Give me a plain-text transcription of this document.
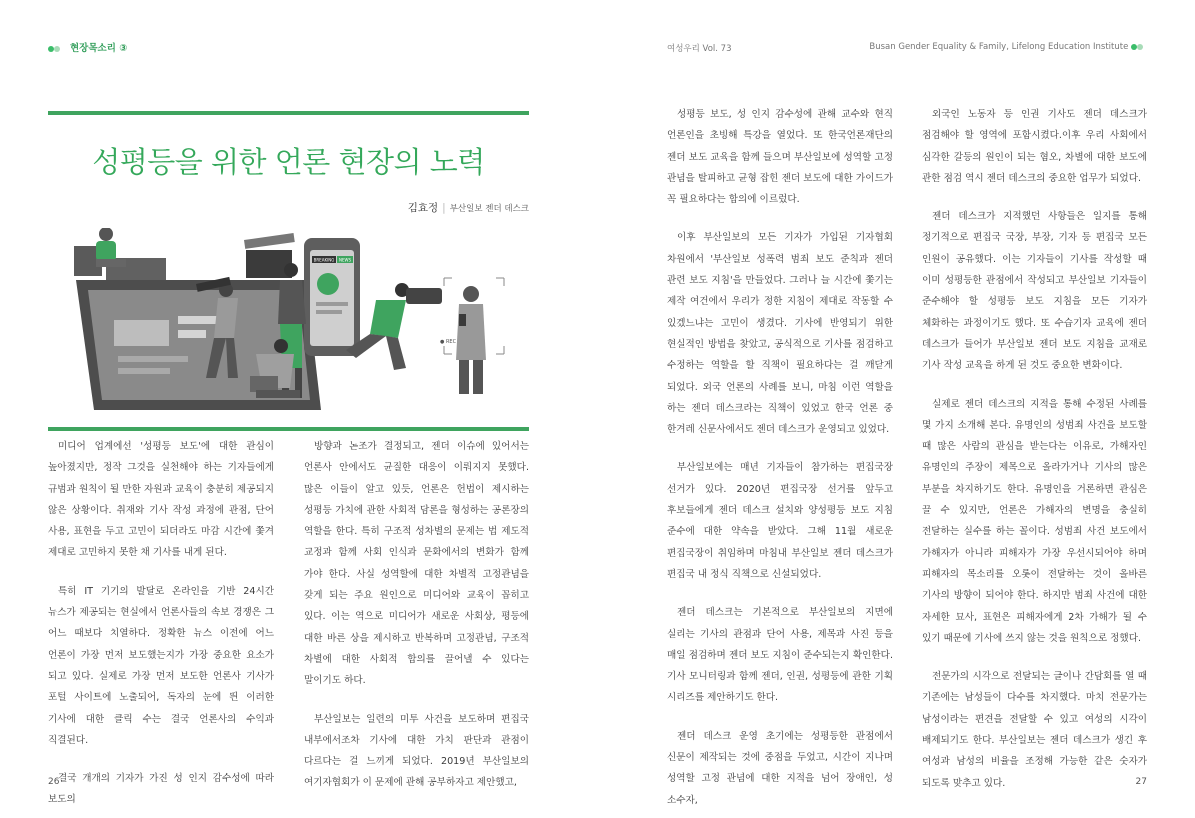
현장목소리 ③
성평등을 위한 언론 현장의 노력
김효정 | 부산일보 젠더 데스크
BREAKING NEWS
● REC

미디어 업계에선 '성평등 보도'에 대한 관심이 높아졌지만, 정작 그것을 실천해야 하는 기자들에게 규범과 원칙이 될 만한 자원과 교육이 충분히 제공되지 않은 상황이다. 취재와 기사 작성 과정에 관점, 단어 사용, 표현을 두고 고민이 되더라도 마감 시간에 쫓겨 제대로 고민하지 못한 채 기사를 내게 된다.

특히 IT 기기의 발달로 온라인을 기반 24시간 뉴스가 제공되는 현실에서 언론사들의 속보 경쟁은 그 어느 때보다 치열하다. 정확한 뉴스 이전에 어느 언론이 가장 먼저 보도했는지가 가장 중요한 요소가 되고 있다. 실제로 가장 먼저 보도한 언론사 기사가 포털 사이트에 노출되어, 독자의 눈에 띈 이러한 기사에 대한 클릭 수는 결국 언론사의 수익과 직결된다.

결국 개개의 기자가 가진 성 인지 감수성에 따라 보도의

방향과 논조가 결정되고, 젠더 이슈에 있어서는 언론사 안에서도 균질한 대응이 이뤄지지 못했다. 많은 이들이 알고 있듯, 언론은 헌법이 제시하는 성평등 가치에 관한 사회적 담론을 형성하는 공론장의 역할을 한다. 특히 구조적 성차별의 문제는 법 제도적 교정과 함께 사회 인식과 문화에서의 변화가 함께 가야 한다. 사실 성역할에 대한 차별적 고정관념을 갖게 되는 주요 원인으로 미디어와 교육이 꼽히고 있다. 이는 역으로 미디어가 새로운 사회상, 평등에 대한 바른 상을 제시하고 반복하며 고정관념, 구조적 차별에 대한 사회적 합의를 끌어낼 수 있다는 말이기도 하다.

부산일보는 일련의 미투 사건을 보도하며 편집국 내부에서조차 기사에 대한 가치 판단과 관점이 다르다는 걸 느끼게 되었다. 2019년 부산일보의 여기자협회가 이 문제에 관해 공부하자고 제안했고,

26
여성우리 Vol. 73	Busan Gender Equality & Family, Lifelong Education Institute

성평등 보도, 성 인지 감수성에 관해 교수와 현직 언론인을 초빙해 특강을 열었다. 또 한국언론재단의 젠더 보도 교육을 함께 들으며 부산일보에 성역할 고정 관념을 탈피하고 균형 잡힌 젠더 보도에 대한 가이드가 꼭 필요하다는 합의에 이르렀다.

이후 부산일보의 모든 기자가 가입된 기자협회 차원에서 '부산일보 성폭력 범죄 보도 준칙과 젠더 관련 보도 지침'을 만들었다. 그러나 늘 시간에 쫓기는 제작 여건에서 우리가 정한 지침이 제대로 작동할 수 있겠느냐는 고민이 생겼다. 기사에 반영되기 위한 현실적인 방법을 찾았고, 공식적으로 기사를 점검하고 수정하는 역할을 할 직책이 필요하다는 걸 깨닫게 되었다. 외국 언론의 사례를 보니, 마침 이런 역할을 하는 젠더 데스크라는 직책이 있었고 한국 언론 중 한겨레 신문사에서도 젠더 데스크가 운영되고 있었다.

부산일보에는 매년 기자들이 참가하는 편집국장 선거가 있다. 2020년 편집국장 선거를 앞두고 후보들에게 젠더 데스크 설치와 양성평등 보도 지침 준수에 대한 약속을 받았다. 그해 11월 새로운 편집국장이 취임하며 마침내 부산일보 젠더 데스크가 편집국 내 정식 직책으로 신설되었다.

젠더 데스크는 기본적으로 부산일보의 지면에 실리는 기사의 관점과 단어 사용, 제목과 사진 등을 매일 점검하며 젠더 보도 지침이 준수되는지 확인한다. 기사 모니터링과 함께 젠더, 인권, 성평등에 관한 기획 시리즈를 제안하기도 한다.

젠더 데스크 운영 초기에는 성평등한 관점에서 신문이 제작되는 것에 중점을 두었고, 시간이 지나며 성역할 고정 관념에 대한 지적을 넘어 장애인, 성 소수자,

외국인 노동자 등 인권 기사도 젠더 데스크가 점검해야 할 영역에 포함시켰다.이후 우리 사회에서 심각한 갈등의 원인이 되는 혐오, 차별에 대한 보도에 관한 점검 역시 젠더 데스크의 중요한 업무가 되었다.

젠더 데스크가 지적했던 사항들은 일지를 통해 정기적으로 편집국 국장, 부장, 기자 등 편집국 모든 인원이 공유했다. 이는 기자들이 기사를 작성할 때 이미 성평등한 관점에서 작성되고 부산일보 기자들이 준수해야 할 성평등 보도 지침을 모든 기자가 체화하는 과정이기도 했다. 또 수습기자 교육에 젠더 데스크가 들어가 부산일보 젠더 보도 지침을 교재로 기사 작성 교육을 하게 된 것도 중요한 변화이다.

실제로 젠더 데스크의 지적을 통해 수정된 사례를 몇 가지 소개해 본다. 유명인의 성범죄 사건을 보도할 때 많은 사람의 관심을 받는다는 이유로, 가해자인 유명인의 주장이 제목으로 올라가거나 기사의 많은 부분을 차지하기도 한다. 유명인을 거론하면 관심은 끌 수 있지만, 언론은 가해자의 변명을 충실히 전달하는 실수를 하는 꼴이다. 성범죄 사건 보도에서 가해자가 아니라 피해자가 가장 우선시되어야 하며 피해자의 목소리를 오롯이 전달하는 것이 올바른 기사의 방향이 되어야 한다. 하지만 범죄 사건에 대한 자세한 묘사, 표현은 피해자에게 2차 가해가 될 수 있기 때문에 기사에 쓰지 않는 것을 원칙으로 정했다.

전문가의 시각으로 전달되는 글이나 간담회를 열 때 기존에는 남성들이 다수를 차지했다. 마치 전문가는 남성이라는 편견을 전달할 수 있고 여성의 시각이 배제되기도 한다. 부산일보는 젠더 데스크가 생긴 후 여성과 남성의 비율을 조정해 가능한 같은 숫자가 되도록 맞추고 있다.	27
